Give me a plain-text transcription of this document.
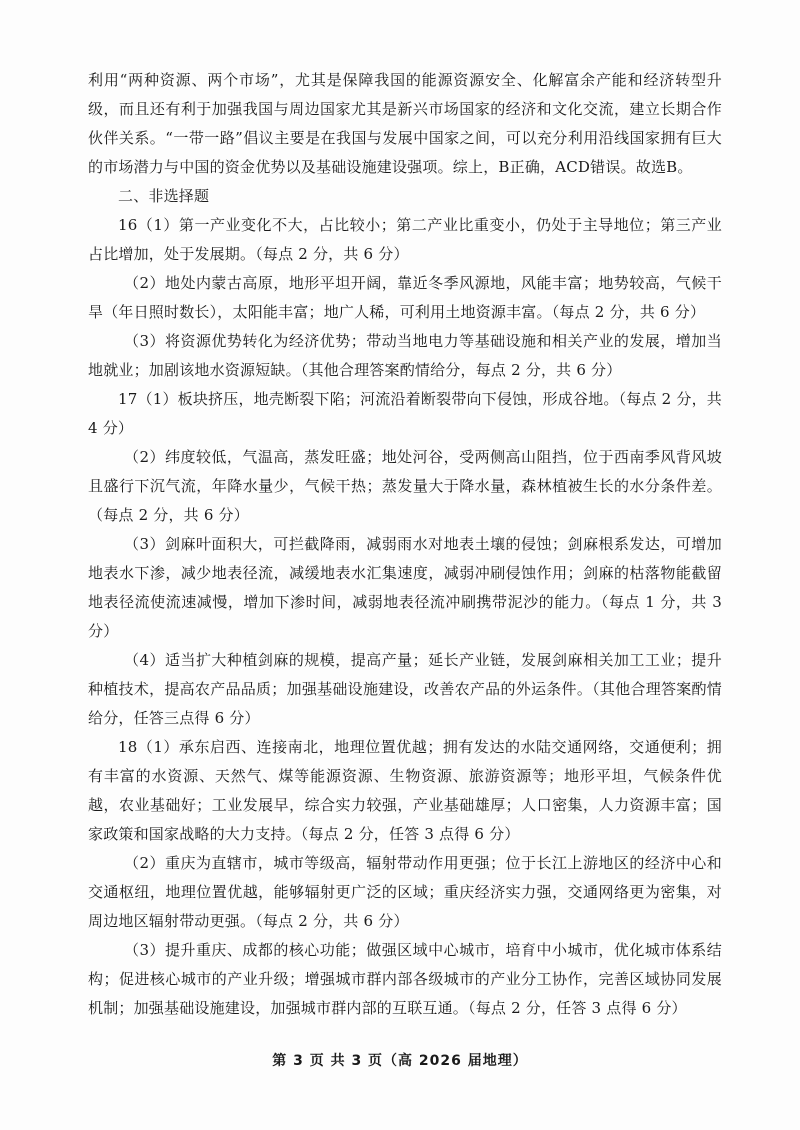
利用“两种资源、两个市场”，尤其是保障我国的能源资源安全、化解富余产能和经济转型升级，而且还有利于加强我国与周边国家尤其是新兴市场国家的经济和文化交流，建立长期合作伙伴关系。“一带一路”倡议主要是在我国与发展中国家之间，可以充分利用沿线国家拥有巨大的市场潜力与中国的资金优势以及基础设施建设强项。综上，B正确，ACD错误。故选B。

二、非选择题

16（1）第一产业变化不大，占比较小；第二产业比重变小，仍处于主导地位；第三产业占比增加，处于发展期。（每点 2 分，共 6 分）

（2）地处内蒙古高原，地形平坦开阔，靠近冬季风源地，风能丰富；地势较高，气候干旱（年日照时数长），太阳能丰富；地广人稀，可利用土地资源丰富。（每点 2 分，共 6 分）

（3）将资源优势转化为经济优势；带动当地电力等基础设施和相关产业的发展，增加当地就业；加剧该地水资源短缺。（其他合理答案酌情给分，每点 2 分，共 6 分）

17（1）板块挤压，地壳断裂下陷；河流沿着断裂带向下侵蚀，形成谷地。（每点 2 分，共 4 分）

（2）纬度较低，气温高，蒸发旺盛；地处河谷，受两侧高山阻挡，位于西南季风背风坡且盛行下沉气流，年降水量少，气候干热；蒸发量大于降水量，森林植被生长的水分条件差。（每点 2 分，共 6 分）

（3）剑麻叶面积大，可拦截降雨，减弱雨水对地表土壤的侵蚀；剑麻根系发达，可增加地表水下渗，减少地表径流，减缓地表水汇集速度，减弱冲刷侵蚀作用；剑麻的枯落物能截留地表径流使流速减慢，增加下渗时间，减弱地表径流冲刷携带泥沙的能力。（每点 1 分，共 3 分）

（4）适当扩大种植剑麻的规模，提高产量；延长产业链，发展剑麻相关加工工业；提升种植技术，提高农产品品质；加强基础设施建设，改善农产品的外运条件。（其他合理答案酌情给分，任答三点得 6 分）

18（1）承东启西、连接南北，地理位置优越；拥有发达的水陆交通网络，交通便利；拥有丰富的水资源、天然气、煤等能源资源、生物资源、旅游资源等；地形平坦，气候条件优越，农业基础好；工业发展早，综合实力较强，产业基础雄厚；人口密集，人力资源丰富；国家政策和国家战略的大力支持。（每点 2 分，任答 3 点得 6 分）

（2）重庆为直辖市，城市等级高，辐射带动作用更强；位于长江上游地区的经济中心和交通枢纽，地理位置优越，能够辐射更广泛的区域；重庆经济实力强，交通网络更为密集，对周边地区辐射带动更强。（每点 2 分，共 6 分）

（3）提升重庆、成都的核心功能；做强区域中心城市，培育中小城市，优化城市体系结构；促进核心城市的产业升级；增强城市群内部各级城市的产业分工协作，完善区域协同发展机制；加强基础设施建设，加强城市群内部的互联互通。（每点 2 分，任答 3 点得 6 分）

第 3 页 共 3 页（高 2026 届地理）
